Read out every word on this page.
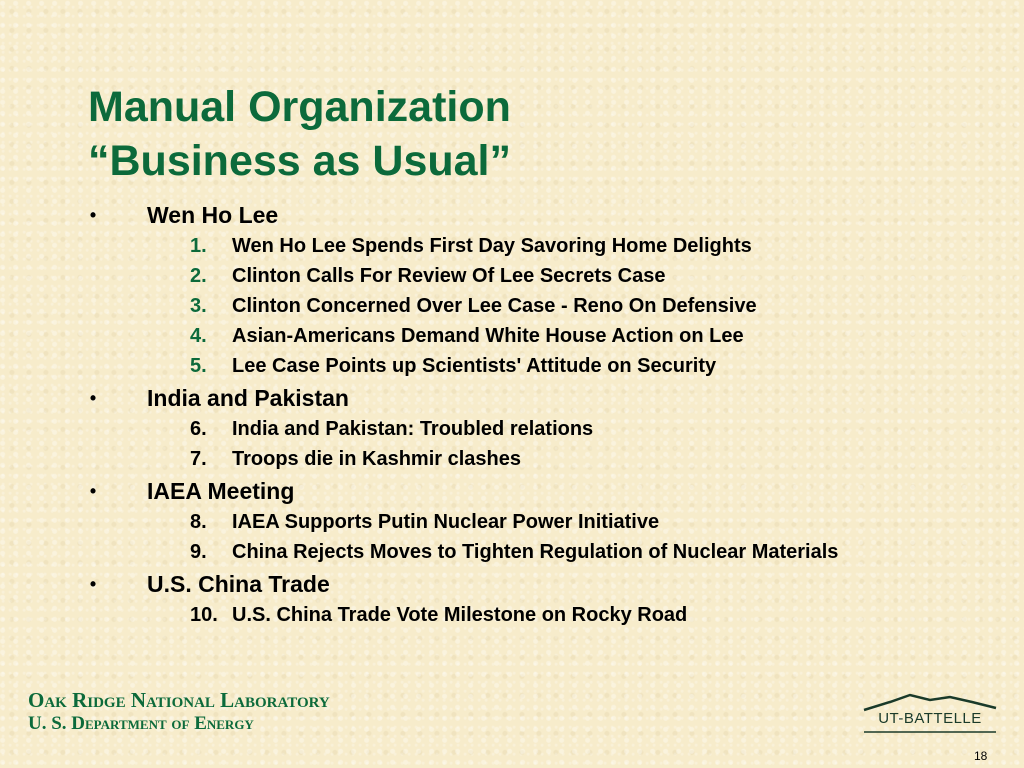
Manual Organization
“Business as Usual”
• Wen Ho Lee
1. Wen Ho Lee Spends First Day Savoring Home Delights
2. Clinton Calls For Review Of Lee Secrets Case
3. Clinton Concerned Over Lee Case - Reno On Defensive
4. Asian-Americans Demand White House Action on Lee
5. Lee Case Points up Scientists' Attitude on Security
• India and Pakistan
6. India and Pakistan: Troubled relations
7. Troops die in Kashmir clashes
• IAEA Meeting
8. IAEA Supports Putin Nuclear Power Initiative
9. China Rejects Moves to Tighten Regulation of Nuclear Materials
• U.S. China Trade
10. U.S. China Trade Vote Milestone on Rocky Road
Oak Ridge National Laboratory
U. S. Department of Energy	UT-BATTELLE
18
